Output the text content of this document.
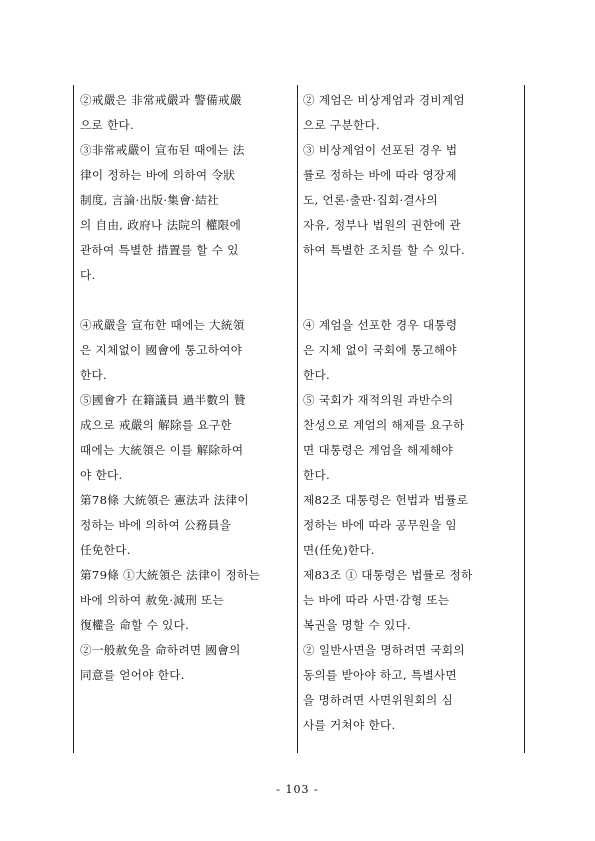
②戒嚴은 非常戒嚴과 警備戒嚴

으로 한다.

③非常戒嚴이 宣布된 때에는 法

律이 정하는 바에 의하여 令狀

制度, 言論·出版·集會·結社

의 自由, 政府나 法院의 權限에

관하여 특별한 措置를 할 수 있

다.

④戒嚴을 宣布한 때에는 大統領

은 지체없이 國會에 통고하여야

한다.

⑤國會가 在籍議員 過半數의 贊

成으로 戒嚴의 解除를 요구한

때에는 大統領은 이를 解除하여

야 한다.

第78條 大統領은 憲法과 法律이

정하는 바에 의하여 公務員을

任免한다.

第79條 ①大統領은 法律이 정하는

바에 의하여 赦免·減刑 또는

復權을 命할 수 있다.

②一般赦免을 命하려면 國會의

同意를 얻어야 한다.

② 계엄은 비상계엄과 경비계엄

으로 구분한다.

③ 비상계엄이 선포된 경우 법

률로 정하는 바에 따라 영장제

도, 언론·출판·집회·결사의

자유, 정부나 법원의 권한에 관

하여 특별한 조치를 할 수 있다.

④ 계엄을 선포한 경우 대통령

은 지체 없이 국회에 통고해야

한다.

⑤ 국회가 재적의원 과반수의

찬성으로 계엄의 해제를 요구하

면 대통령은 계엄을 해제해야

한다.

제82조 대통령은 헌법과 법률로

정하는 바에 따라 공무원을 임

면(任免)한다.

제83조 ① 대통령은 법률로 정하

는 바에 따라 사면·감형 또는

복권을 명할 수 있다.

② 일반사면을 명하려면 국회의

동의를 받아야 하고, 특별사면

을 명하려면 사면위원회의 심

사를 거쳐야 한다.

- 103 -
